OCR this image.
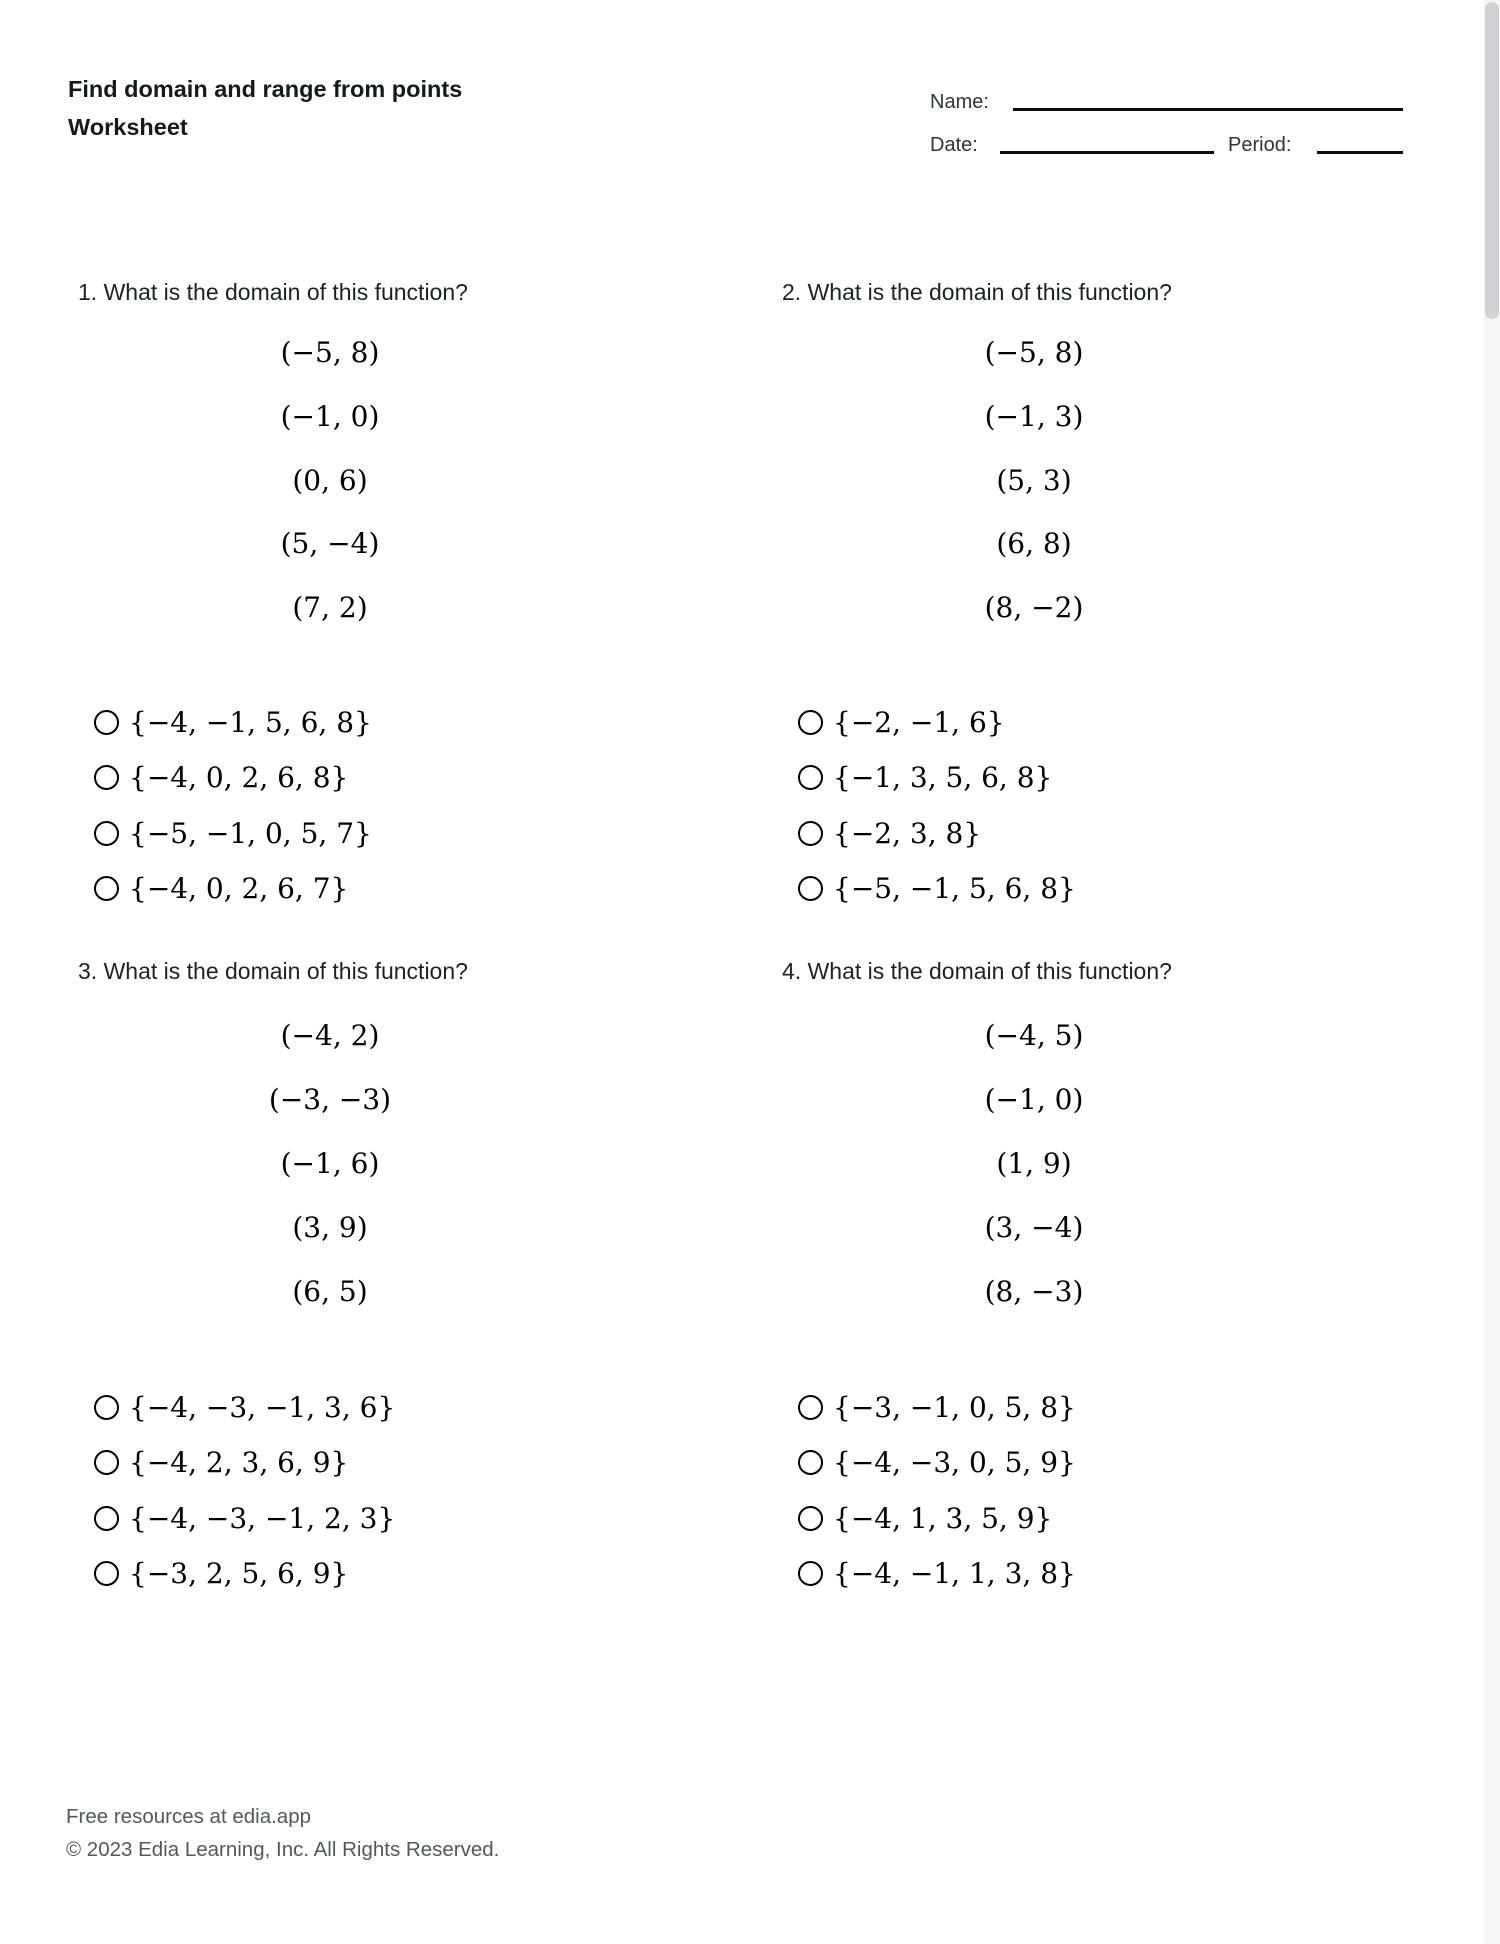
Find domain and range from points
Worksheet
Name:
Date:	Period:
1. What is the domain of this function?
(−5, 8)
(−1, 0)
(0, 6)
(5, −4)
(7, 2)
{−4, −1, 5, 6, 8}
{−4, 0, 2, 6, 8}
{−5, −1, 0, 5, 7}
{−4, 0, 2, 6, 7}
2. What is the domain of this function?
(−5, 8)
(−1, 3)
(5, 3)
(6, 8)
(8, −2)
{−2, −1, 6}
{−1, 3, 5, 6, 8}
{−2, 3, 8}
{−5, −1, 5, 6, 8}
3. What is the domain of this function?
(−4, 2)
(−3, −3)
(−1, 6)
(3, 9)
(6, 5)
{−4, −3, −1, 3, 6}
{−4, 2, 3, 6, 9}
{−4, −3, −1, 2, 3}
{−3, 2, 5, 6, 9}
4. What is the domain of this function?
(−4, 5)
(−1, 0)
(1, 9)
(3, −4)
(8, −3)
{−3, −1, 0, 5, 8}
{−4, −3, 0, 5, 9}
{−4, 1, 3, 5, 9}
{−4, −1, 1, 3, 8}
Free resources at edia.app
© 2023 Edia Learning, Inc. All Rights Reserved.
